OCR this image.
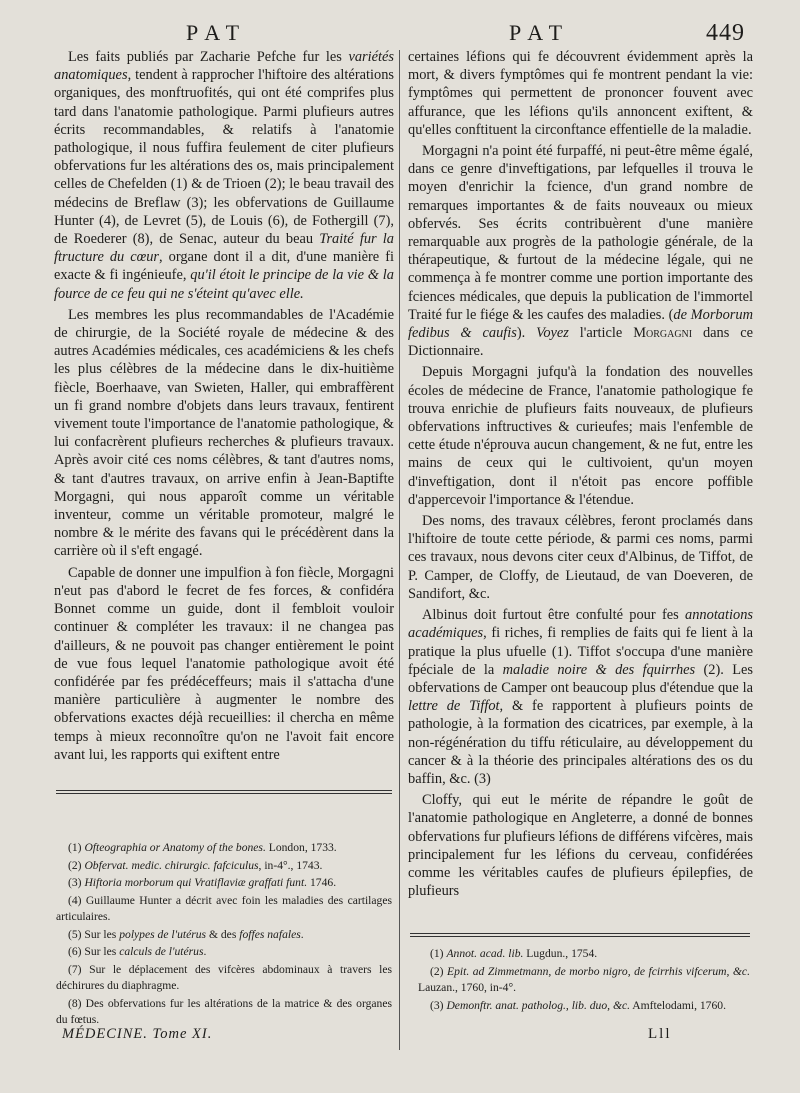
PAT	PAT	449

Les faits publiés par Zacharie Pefche fur les variétés anatomiques, tendent à rapprocher l'hiftoire des altérations organiques, des monftruofités, qui ont été comprifes plus tard dans l'anatomie pathologique. Parmi plufieurs autres écrits recommandables, & relatifs à l'anatomie pathologique, il nous fuffira feulement de citer plufieurs obfervations fur les altérations des os, mais principalement celles de Chefelden (1) & de Trioen (2); le beau travail des médecins de Breflaw (3); les obfervations de Guillaume Hunter (4), de Levret (5), de Louis (6), de Fothergill (7), de Roederer (8), de Senac, auteur du beau Traité fur la ftructure du cœur, organe dont il a dit, d'une manière fi exacte & fi ingénieufe, qu'il étoit le principe de la vie & la fource de ce feu qui ne s'éteint qu'avec elle.

Les membres les plus recommandables de l'Académie de chirurgie, de la Société royale de médecine & des autres Académies médicales, ces académiciens & les chefs les plus célèbres de la médecine dans le dix-huitième fiècle, Boerhaave, van Swieten, Haller, qui embraffèrent un fi grand nombre d'objets dans leurs travaux, fentirent vivement toute l'importance de l'anatomie pathologique, & lui confacrèrent plufieurs recherches & plufieurs travaux. Après avoir cité ces noms célèbres, & tant d'autres noms, & tant d'autres travaux, on arrive enfin à Jean-Baptifte Morgagni, qui nous apparoît comme un véritable inventeur, comme un véritable promoteur, malgré le nombre & le mérite des favans qui le précédèrent dans la carrière où il s'eft engagé.

Capable de donner une impulfion à fon fiècle, Morgagni n'eut pas d'abord le fecret de fes forces, & confidéra Bonnet comme un guide, dont il fembloit vouloir continuer & compléter les travaux: il ne changea pas d'ailleurs, & ne pouvoit pas changer entièrement le point de vue fous lequel l'anatomie pathologique avoit été confidérée par fes prédéceffeurs; mais il s'attacha d'une manière particulière à augmenter le nombre des obfervations exactes déjà recueillies: il chercha en même temps à mieux reconnoître qu'on ne l'avoit fait encore avant lui, les rapports qui exiftent entre

certaines léfions qui fe découvrent évidemment après la mort, & divers fymptômes qui fe montrent pendant la vie: fymptômes qui permettent de prononcer fouvent avec affurance, que les léfions qu'ils annoncent exiftent, & qu'elles conftituent la circonftance effentielle de la maladie.

Morgagni n'a point été furpaffé, ni peut-être même égalé, dans ce genre d'inveftigations, par lefquelles il trouva le moyen d'enrichir la fcience, d'un grand nombre de remarques importantes & de faits nouveaux ou mieux obfervés. Ses écrits contribuèrent d'une manière remarquable aux progrès de la pathologie générale, de la thérapeutique, & furtout de la médecine légale, qui ne commença à fe montrer comme une portion importante des fciences médicales, que depuis la publication de l'immortel Traité fur le fiége & les caufes des maladies. (de Morborum fedibus & caufis). Voyez l'article Morgagni dans ce Dictionnaire.

Depuis Morgagni jufqu'à la fondation des nouvelles écoles de médecine de France, l'anatomie pathologique fe trouva enrichie de plufieurs faits nouveaux, de plufieurs obfervations inftructives & curieufes; mais l'enfemble de cette étude n'éprouva aucun changement, & ne fut, entre les mains de ceux qui le cultivoient, qu'un moyen d'inveftigation, dont il n'étoit pas encore poffible d'appercevoir l'importance & l'étendue.

Des noms, des travaux célèbres, feront proclamés dans l'hiftoire de toute cette période, & parmi ces noms, parmi ces travaux, nous devons citer ceux d'Albinus, de Tiffot, de P. Camper, de Cloffy, de Lieutaud, de van Doeveren, de Sandifort, &c.

Albinus doit furtout être confulté pour fes annotations académiques, fi riches, fi remplies de faits qui fe lient à la pratique la plus ufuelle (1). Tiffot s'occupa d'une manière fpéciale de la maladie noire & des fquirrhes (2). Les obfervations de Camper ont beaucoup plus d'étendue que la lettre de Tiffot, & fe rapportent à plufieurs points de pathologie, à la formation des cicatrices, par exemple, à la non-régénération du tiffu réticulaire, au développement du cancer & à la théorie des principales altérations des os du baffin, &c. (3)

Cloffy, qui eut le mérite de répandre le goût de l'anatomie pathologique en Angleterre, a donné de bonnes obfervations fur plufieurs léfions de différens vifcères, mais principalement fur les léfions du cerveau, confidérées comme les véritables caufes de plufieurs épilepfies, de plufieurs

(1) Ofteographia or Anatomy of the bones. London, 1733.

(2) Obfervat. medic. chirurgic. fafciculus, in-4°., 1743.

(3) Hiftoria morborum qui Vratiflaviæ graffati funt. 1746.

(4) Guillaume Hunter a décrit avec foin les maladies des cartilages articulaires.

(5) Sur les polypes de l'utérus & des foffes nafales.

(6) Sur les calculs de l'utérus.

(7) Sur le déplacement des vifcères abdominaux à travers les déchirures du diaphragme.

(8) Des obfervations fur les altérations de la matrice & des organes du fœtus.

(1) Annot. acad. lib. Lugdun., 1754.

(2) Epit. ad Zimmetmann, de morbo nigro, de fcirrhis vifcerum, &c. Lauzan., 1760, in-4°.

(3) Demonftr. anat. patholog., lib. duo, &c. Amftelodami, 1760.

MÉDECINE. Tome XI.	Lll
